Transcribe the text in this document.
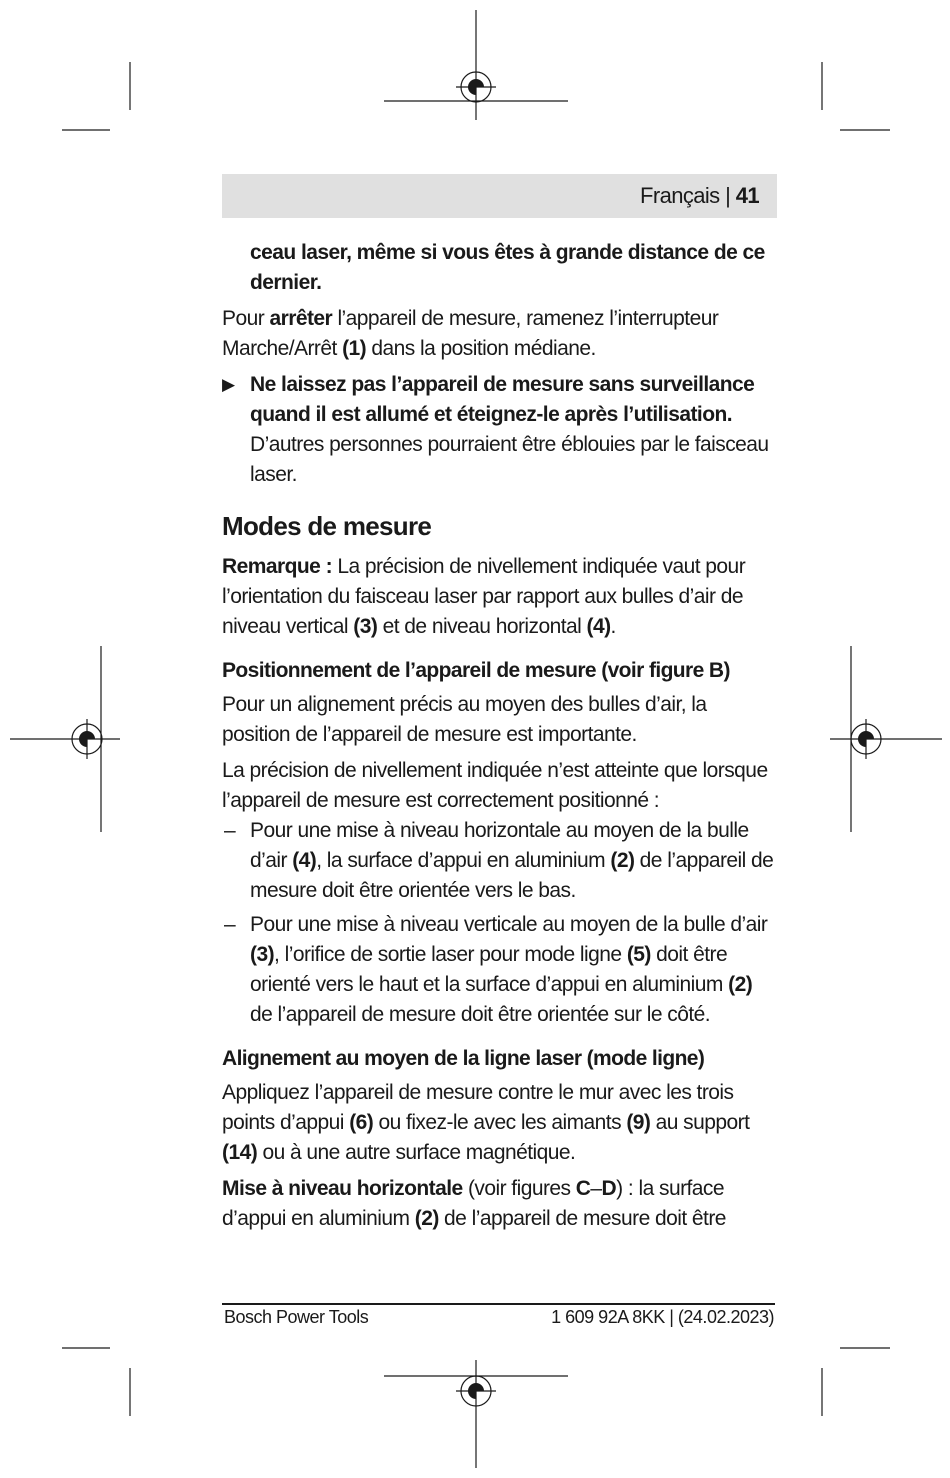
Français | 41

ceau laser, même si vous êtes à grande distance de ce dernier.

Pour arrêter l’appareil de mesure, ramenez l’interrupteur Marche/Arrêt (1) dans la position médiane.

▶ Ne laissez pas l’appareil de mesure sans surveillance quand il est allumé et éteignez-le après l’utilisation. D’autres personnes pourraient être éblouies par le faisceau laser.
Modes de mesure

Remarque : La précision de nivellement indiquée vaut pour l’orientation du faisceau laser par rapport aux bulles d’air de niveau vertical (3) et de niveau horizontal (4).

Positionnement de l’appareil de mesure (voir figure B)

Pour un alignement précis au moyen des bulles d’air, la position de l’appareil de mesure est importante.

La précision de nivellement indiquée n’est atteinte que lorsque l’appareil de mesure est correctement positionné :

– Pour une mise à niveau horizontale au moyen de la bulle d’air (4), la surface d’appui en aluminium (2) de l’appareil de mesure doit être orientée vers le bas.
– Pour une mise à niveau verticale au moyen de la bulle d’air (3), l’orifice de sortie laser pour mode ligne (5) doit être orienté vers le haut et la surface d’appui en aluminium (2) de l’appareil de mesure doit être orientée sur le côté.
Alignement au moyen de la ligne laser (mode ligne)

Appliquez l’appareil de mesure contre le mur avec les trois points d’appui (6) ou fixez-le avec les aimants (9) au support (14) ou à une autre surface magnétique.

Mise à niveau horizontale (voir figures C–D) : la surface d’appui en aluminium (2) de l’appareil de mesure doit être

Bosch Power Tools	1 609 92A 8KK | (24.02.2023)
